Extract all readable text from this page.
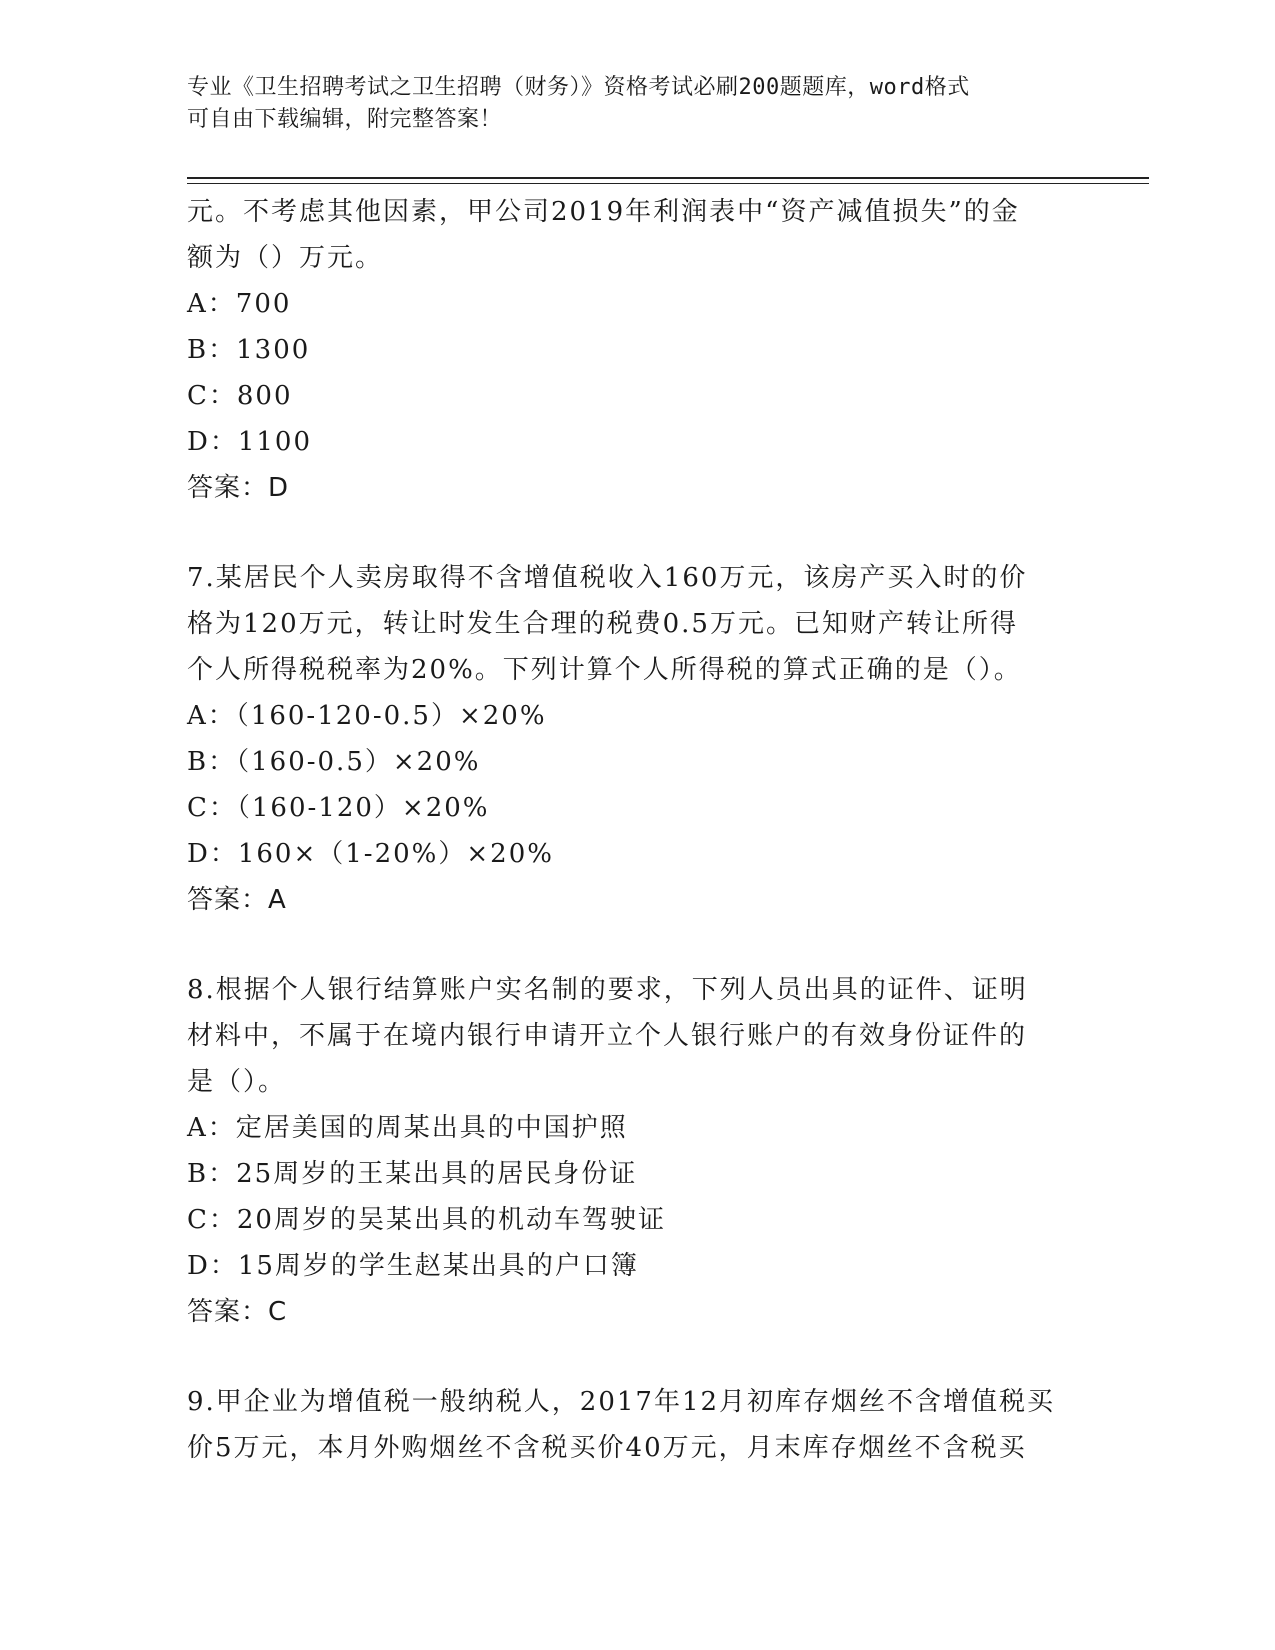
专业《卫生招聘考试之卫生招聘（财务）》资格考试必刷200题题库，word格式
可自由下载编辑，附完整答案！
元。不考虑其他因素，甲公司2019年利润表中“资产减值损失”的金
额为（）万元。
A：700
B：1300
C：800
D：1100
答案：D
7.某居民个人卖房取得不含增值税收入160万元，该房产买入时的价
格为120万元，转让时发生合理的税费0.5万元。已知财产转让所得
个人所得税税率为20%。下列计算个人所得税的算式正确的是（）。
A：（160-120-0.5）×20%
B：（160-0.5）×20%
C：（160-120）×20%
D：160×（1-20%）×20%
答案：A
8.根据个人银行结算账户实名制的要求，下列人员出具的证件、证明
材料中，不属于在境内银行申请开立个人银行账户的有效身份证件的
是（）。
A：定居美国的周某出具的中国护照
B：25周岁的王某出具的居民身份证
C：20周岁的吴某出具的机动车驾驶证
D：15周岁的学生赵某出具的户口簿
答案：C
9.甲企业为增值税一般纳税人，2017年12月初库存烟丝不含增值税买
价5万元，本月外购烟丝不含税买价40万元，月末库存烟丝不含税买
